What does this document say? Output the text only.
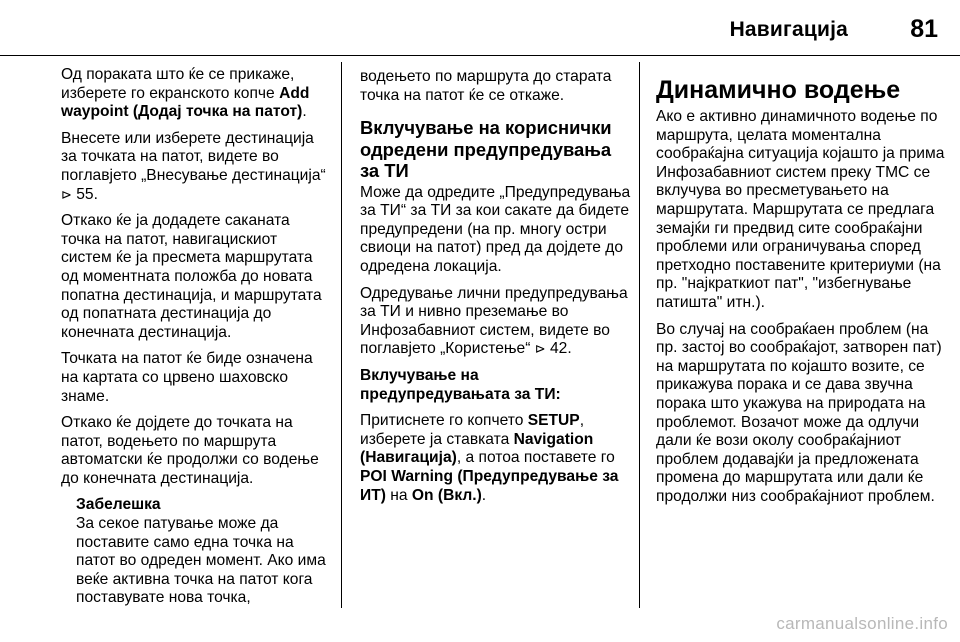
Навигација 81

Од пораката што ќе се прикаже, изберете го екранското копче Add waypoint (Додај точка на патот).

Внесете или изберете дестинација за точката на патот, видете во поглавјето „Внесување дестинација“ ⊳ 55.

Откако ќе ја додадете саканата точка на патот, навигацискиот систем ќе ја пресмета маршрутата од моментната положба до новата попатна дестинација, и маршрутата од попатната дестинација до конечната дестинација.

Точката на патот ќе биде означена на картата со црвено шаховско знаме.

Откако ќе дојдете до точката на патот, водењето по маршрута автоматски ќе продолжи со водење до конечната дестинација.

Забелешка
За секое патување може да поставите само една точка на патот во одреден момент. Ако има веќе активна точка на патот кога поставувате нова точка,

водењето по маршрута до старата точка на патот ќе се откаже.

Вклучување на кориснички одредени предупредувања за ТИ

Може да одредите „Предупредувања за ТИ“ за ТИ за кои сакате да бидете предупредени (на пр. многу остри свиоци на патот) пред да дојдете до одредена локација.

Одредување лични предупредувања за ТИ и нивно преземање во Инфозабавниот систем, видете во поглавјето „Користење“ ⊳ 42.

Вклучување на предупредувањата за ТИ:

Притиснете го копчето SETUP, изберете ја ставката Navigation (Навигација), а потоа поставете го POI Warning (Предупредување за ИТ) на On (Вкл.).

Динамично водење

Ако е активно динамичното водење по маршрута, целата моментална сообраќајна ситуација којашто ја прима Инфозабавниот систем преку TMC се вклучува во пресметувањето на маршрутата. Маршрутата се предлага земајќи ги предвид сите сообраќајни проблеми или ограничувања според претходно поставените критериуми (на пр. "најкраткиот пат", "избегнување патишта" итн.).

Во случај на сообраќаен проблем (на пр. застој во сообраќајот, затворен пат) на маршрутата по којашто возите, се прикажува порака и се дава звучна порака што укажува на природата на проблемот. Возачот може да одлучи дали ќе вози околу сообраќајниот проблем додавајќи ја предложената промена до маршрутата или дали ќе продолжи низ сообраќајниот проблем.

carmanualsonline.info
